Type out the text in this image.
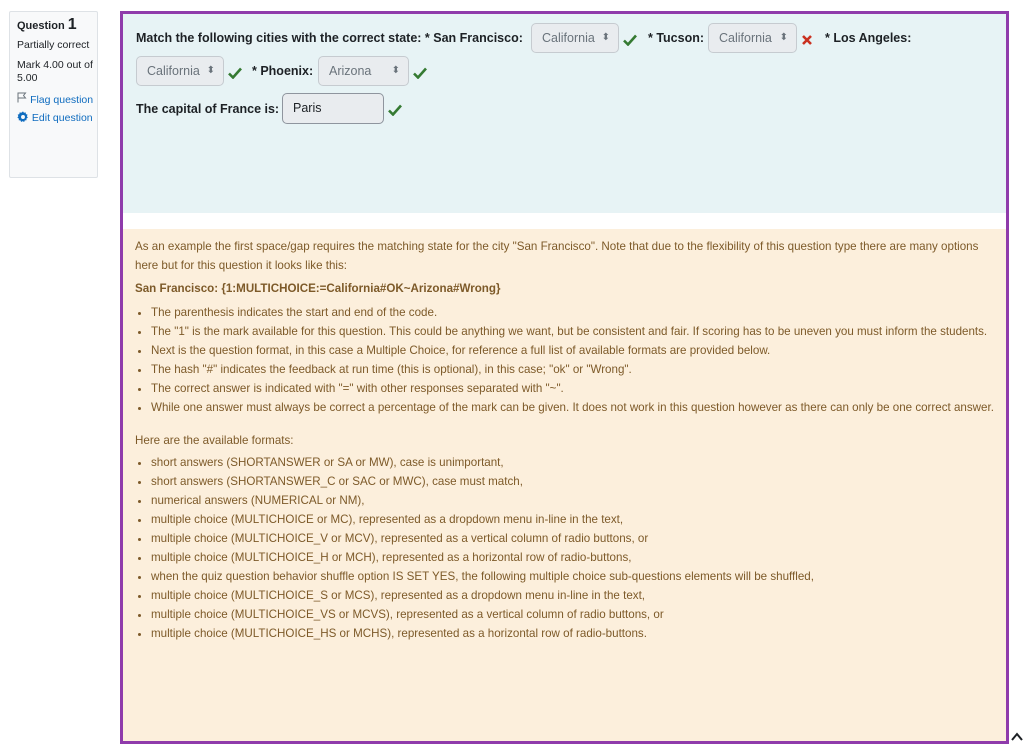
Question 1
Partially correct
Mark 4.00 out of 5.00
Flag question
Edit question
Match the following cities with the correct state: * San Francisco:	California ⬍	* Tucson:	California ⬍	* Los Angeles:
California ⬍	* Phoenix:	Arizona ⬍
The capital of France is:	Paris

As an example the first space/gap requires the matching state for the city "San Francisco". Note that due to the flexibility of this question type there are many options here but for this question it looks like this:

San Francisco: {1:MULTICHOICE:=California#OK~Arizona#Wrong}

• The parenthesis indicates the start and end of the code.
• The "1" is the mark available for this question. This could be anything we want, but be consistent and fair. If scoring has to be uneven you must inform the students.
• Next is the question format, in this case a Multiple Choice, for reference a full list of available formats are provided below.
• The hash "#" indicates the feedback at run time (this is optional), in this case; "ok" or "Wrong".
• The correct answer is indicated with "=" with other responses separated with "~".
• While one answer must always be correct a percentage of the mark can be given. It does not work in this question however as there can only be one correct answer.

Here are the available formats:

• short answers (SHORTANSWER or SA or MW), case is unimportant,
• short answers (SHORTANSWER_C or SAC or MWC), case must match,
• numerical answers (NUMERICAL or NM),
• multiple choice (MULTICHOICE or MC), represented as a dropdown menu in-line in the text,
• multiple choice (MULTICHOICE_V or MCV), represented as a vertical column of radio buttons, or
• multiple choice (MULTICHOICE_H or MCH), represented as a horizontal row of radio-buttons,
• when the quiz question behavior shuffle option IS SET YES, the following multiple choice sub-questions elements will be shuffled,
• multiple choice (MULTICHOICE_S or MCS), represented as a dropdown menu in-line in the text,
• multiple choice (MULTICHOICE_VS or MCVS), represented as a vertical column of radio buttons, or
• multiple choice (MULTICHOICE_HS or MCHS), represented as a horizontal row of radio-buttons.
